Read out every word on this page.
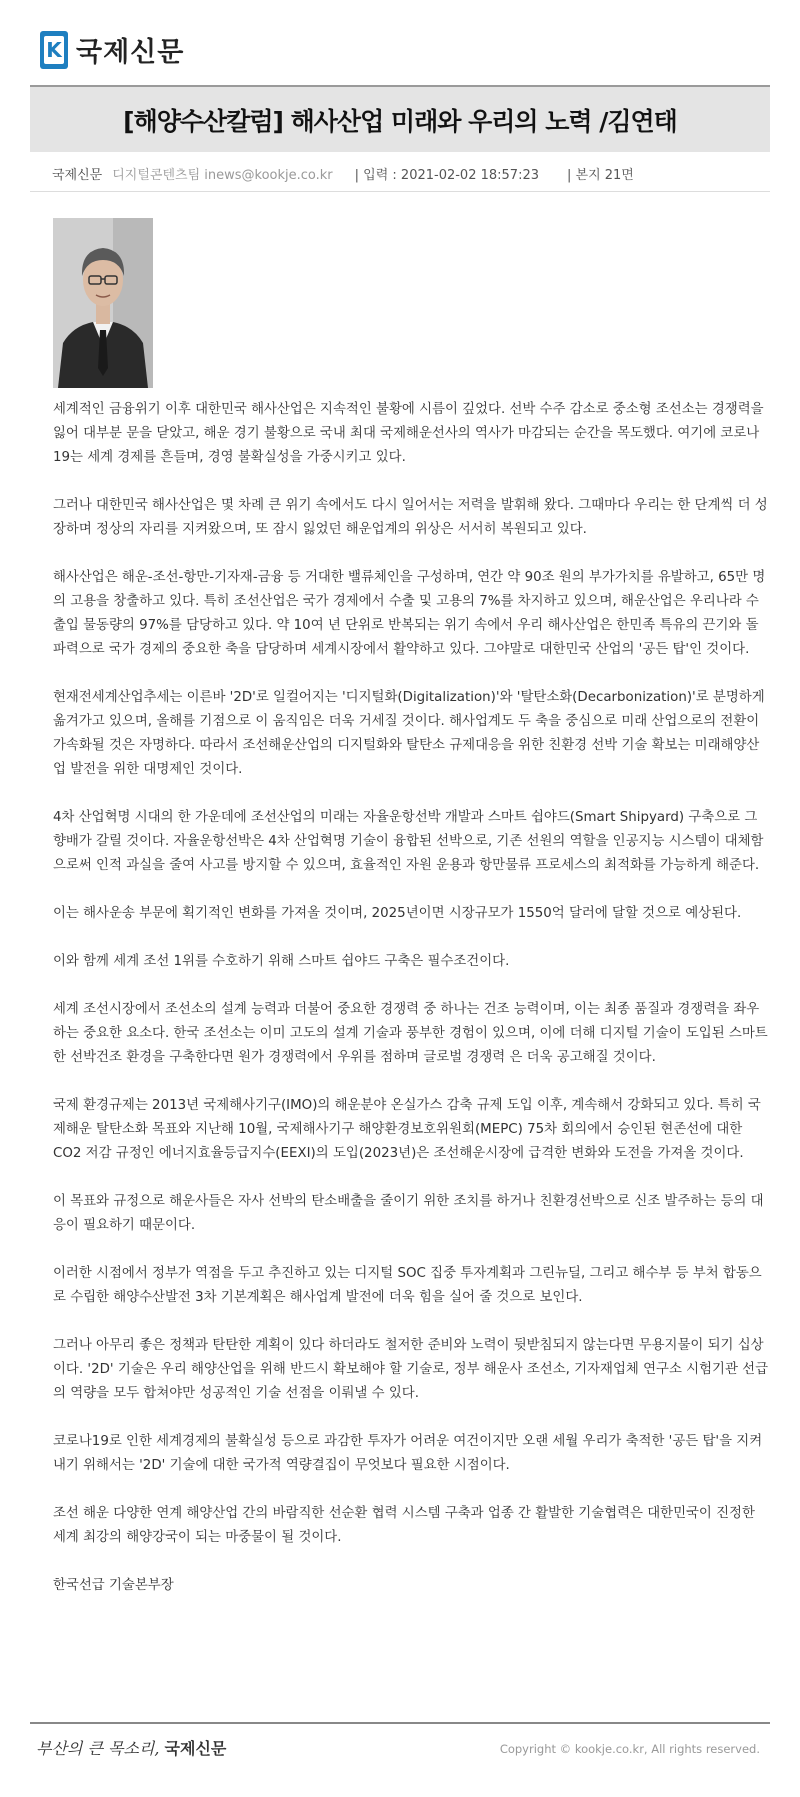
K 국제신문
[해양수산칼럼] 해사산업 미래와 우리의 노력 /김연태
국제신문 디지털콘텐츠팀 inews@kookje.co.kr | 입력 : 2021-02-02 18:57:23 | 본지 21면

세계적인 금융위기 이후 대한민국 해사산업은 지속적인 불황에 시름이 깊었다. 선박 수주 감소로 중소형 조선소는 경쟁력을 잃어 대부분 문을 닫았고, 해운 경기 불황으로 국내 최대 국제해운선사의 역사가 마감되는 순간을 목도했다. 여기에 코로나19는 세계 경제를 흔들며, 경영 불확실성을 가중시키고 있다.

그러나 대한민국 해사산업은 몇 차례 큰 위기 속에서도 다시 일어서는 저력을 발휘해 왔다. 그때마다 우리는 한 단계씩 더 성장하며 정상의 자리를 지켜왔으며, 또 잠시 잃었던 해운업계의 위상은 서서히 복원되고 있다.

해사산업은 해운-조선-항만-기자재-금융 등 거대한 밸류체인을 구성하며, 연간 약 90조 원의 부가가치를 유발하고, 65만 명의 고용을 창출하고 있다. 특히 조선산업은 국가 경제에서 수출 및 고용의 7%를 차지하고 있으며, 해운산업은 우리나라 수출입 물동량의 97%를 담당하고 있다. 약 10여 년 단위로 반복되는 위기 속에서 우리 해사산업은 한민족 특유의 끈기와 돌파력으로 국가 경제의 중요한 축을 담당하며 세계시장에서 활약하고 있다. 그야말로 대한민국 산업의 '공든 탑'인 것이다.

현재전세계산업추세는 이른바 '2D'로 일컬어지는 '디지털화(Digitalization)'와 '탈탄소화(Decarbonization)'로 분명하게 옮겨가고 있으며, 올해를 기점으로 이 움직임은 더욱 거세질 것이다. 해사업계도 두 축을 중심으로 미래 산업으로의 전환이 가속화될 것은 자명하다. 따라서 조선해운산업의 디지털화와 탈탄소 규제대응을 위한 친환경 선박 기술 확보는 미래해양산업 발전을 위한 대명제인 것이다.

4차 산업혁명 시대의 한 가운데에 조선산업의 미래는 자율운항선박 개발과 스마트 쉽야드(Smart Shipyard) 구축으로 그 향배가 갈릴 것이다. 자율운항선박은 4차 산업혁명 기술이 융합된 선박으로, 기존 선원의 역할을 인공지능 시스템이 대체함으로써 인적 과실을 줄여 사고를 방지할 수 있으며, 효율적인 자원 운용과 항만물류 프로세스의 최적화를 가능하게 해준다.

이는 해사운송 부문에 획기적인 변화를 가져올 것이며, 2025년이면 시장규모가 1550억 달러에 달할 것으로 예상된다.

이와 함께 세계 조선 1위를 수호하기 위해 스마트 쉽야드 구축은 필수조건이다.

세계 조선시장에서 조선소의 설계 능력과 더불어 중요한 경쟁력 중 하나는 건조 능력이며, 이는 최종 품질과 경쟁력을 좌우하는 중요한 요소다. 한국 조선소는 이미 고도의 설계 기술과 풍부한 경험이 있으며, 이에 더해 디지털 기술이 도입된 스마트한 선박건조 환경을 구축한다면 원가 경쟁력에서 우위를 점하며 글로벌 경쟁력 은 더욱 공고해질 것이다.

국제 환경규제는 2013년 국제해사기구(IMO)의 해운분야 온실가스 감축 규제 도입 이후, 계속해서 강화되고 있다. 특히 국제해운 탈탄소화 목표와 지난해 10월, 국제해사기구 해양환경보호위원회(MEPC) 75차 회의에서 승인된 현존선에 대한 CO2 저감 규정인 에너지효율등급지수(EEXI)의 도입(2023년)은 조선해운시장에 급격한 변화와 도전을 가져올 것이다.

이 목표와 규정으로 해운사들은 자사 선박의 탄소배출을 줄이기 위한 조치를 하거나 친환경선박으로 신조 발주하는 등의 대응이 필요하기 때문이다.

이러한 시점에서 정부가 역점을 두고 추진하고 있는 디지털 SOC 집중 투자계획과 그린뉴딜, 그리고 해수부 등 부처 합동으로 수립한 해양수산발전 3차 기본계획은 해사업계 발전에 더욱 힘을 실어 줄 것으로 보인다.

그러나 아무리 좋은 정책과 탄탄한 계획이 있다 하더라도 철저한 준비와 노력이 뒷받침되지 않는다면 무용지물이 되기 십상이다. '2D' 기술은 우리 해양산업을 위해 반드시 확보해야 할 기술로, 정부 해운사 조선소, 기자재업체 연구소 시험기관 선급의 역량을 모두 합쳐야만 성공적인 기술 선점을 이뤄낼 수 있다.

코로나19로 인한 세계경제의 불확실성 등으로 과감한 투자가 어려운 여건이지만 오랜 세월 우리가 축적한 '공든 탑'을 지켜내기 위해서는 '2D' 기술에 대한 국가적 역량결집이 무엇보다 필요한 시점이다.

조선 해운 다양한 연계 해양산업 간의 바람직한 선순환 협력 시스템 구축과 업종 간 활발한 기술협력은 대한민국이 진정한 세계 최강의 해양강국이 되는 마중물이 될 것이다.

한국선급 기술본부장

부산의 큰 목소리, 국제신문	Copyright © kookje.co.kr, All rights reserved.
